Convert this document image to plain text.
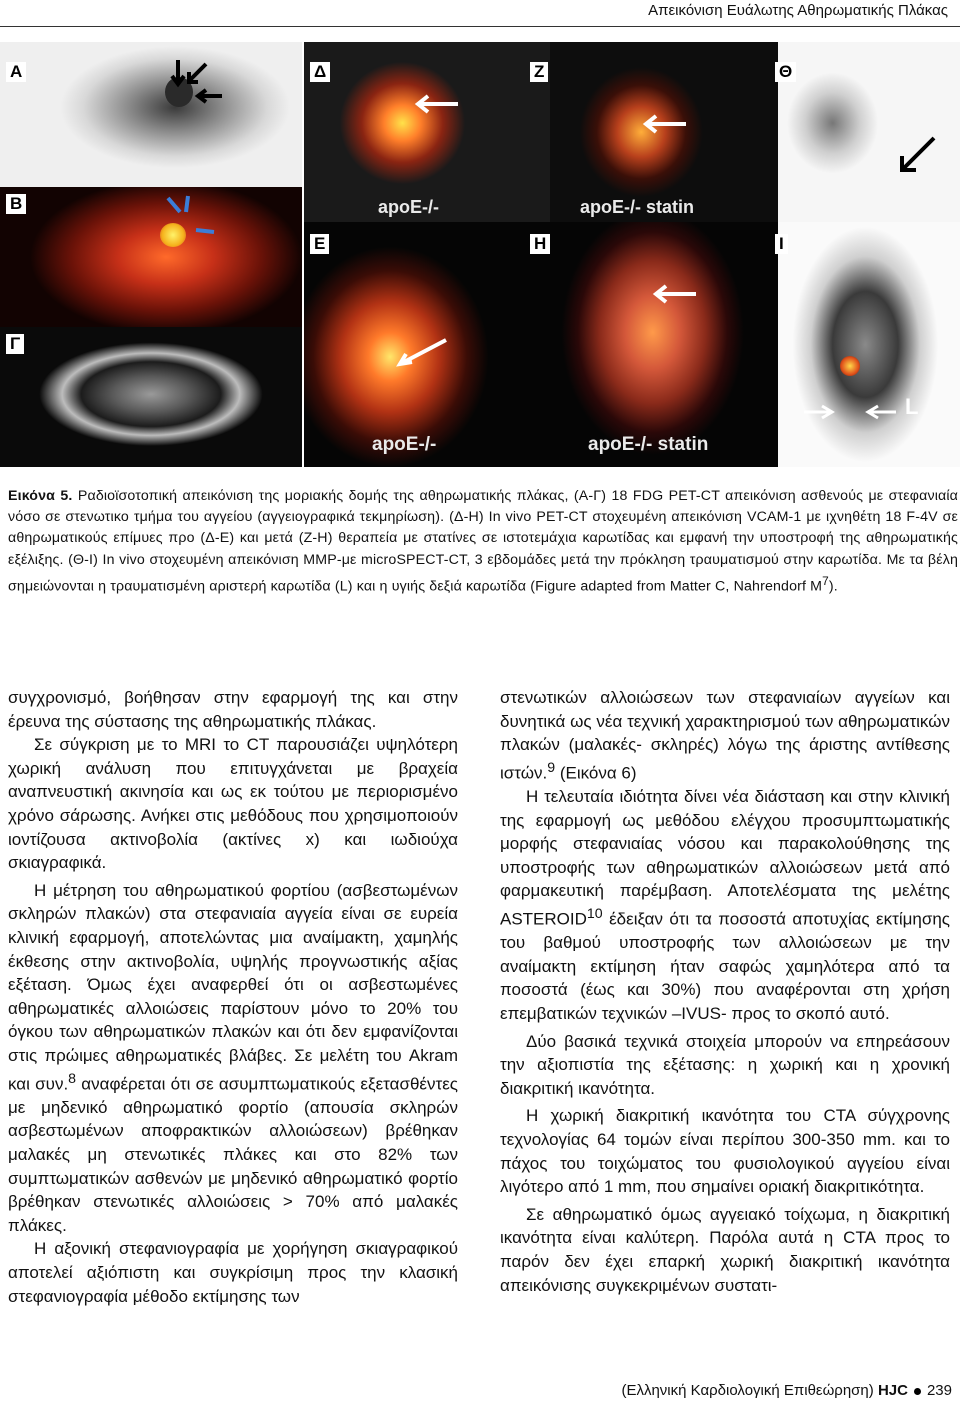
Απεικόνιση Ευάλωτης Αθηρωματικής Πλάκας
Α
Β
Γ
Δ
apoE-/-
Ζ
apoE-/- statin
Ε
apoE-/-
Η
apoE-/- statin
Θ
Ι
L
Εικόνα 5. Ραδιοϊσοτοπική απεικόνιση της μοριακής δομής της αθηρωματικής πλάκας, (Α-Γ) 18 FDG PET-CT απεικόνιση ασθενούς με στεφανιαία νόσο σε στενωτικο τμήμα του αγγείου (αγγειογραφικά τεκμηρίωση). (Δ-Η) In vivo PET-CT στοχευμένη απεικόνιση VCAM-1 με ιχνηθέτη 18 F-4V σε αθηρωματικούς επίμυες προ (Δ-Ε) και μετά (Ζ-Η) θεραπεία με στατίνες σε ιστοτεμάχια καρωτίδας και εμφανή την υποστροφή της αθηρωματικής εξέλιξης. (Θ-Ι) In vivo στοχευμένη απεικόνιση MMP-με microSPECT-CT, 3 εβδομάδες μετά την πρόκληση τραυματισμού στην καρωτίδα. Με τα βέλη σημειώνονται η τραυματισμένη αριστερή καρωτίδα (L) και η υγιής δεξιά καρωτίδα (Figure adapted from Matter C, Nahrendorf $M^7$).

συγχρονισμό, βοήθησαν στην εφαρμογή της και στην έρευνα της σύστασης της αθηρωματικής πλάκας.

Σε σύγκριση με το MRI το CT παρουσιάζει υψηλότερη χωρική ανάλυση που επιτυγχάνεται με βραχεία αναπνευστική ακινησία και ως εκ τούτου με περιορισμένο χρόνο σάρωσης. Ανήκει στις μεθόδους που χρησιμοποιούν ιοντίζουσα ακτινοβολία (ακτίνες x) και ιωδιούχα σκιαγραφικά.

Η μέτρηση του αθηρωματικού φορτίου (ασβεστωμένων σκληρών πλακών) στα στεφανιαία αγγεία είναι σε ευρεία κλινική εφαρμογή, αποτελώντας μια αναίμακτη, χαμηλής έκθεσης στην ακτινοβολία, υψηλής προγνωστικής αξίας εξέταση. Όμως έχει αναφερθεί ότι οι ασβεστωμένες αθηρωματικές αλλοιώσεις παρίστουν μόνο το 20% του όγκου των αθηρωματικών πλακών και ότι δεν εμφανίζονται στις πρώιμες αθηρωματικές βλάβες. Σε μελέτη του Akram και συν.$^8$ αναφέρεται ότι σε ασυμπτωματικούς εξετασθέντες με μηδενικό αθηρωματικό φορτίο (απουσία σκληρών ασβεστωμένων αποφρακτικών αλλοιώσεων) βρέθηκαν μαλακές μη στενωτικές πλάκες και στο 82% των συμπτωματικών ασθενών με μηδενικό αθηρωματικό φορτίο βρέθηκαν στενωτικές αλλοιώσεις > 70% από μαλακές πλάκες.

Η αξονική στεφανιογραφία με χορήγηση σκιαγραφικού αποτελεί αξιόπιστη και συγκρίσιμη προς την κλασική στεφανιογραφία μέθοδο εκτίμησης των

στενωτικών αλλοιώσεων των στεφανιαίων αγγείων και δυνητικά ως νέα τεχνική χαρακτηρισμού των αθηρωματικών πλακών (μαλακές- σκληρές) λόγω της άριστης αντίθεσης ιστών.$^9$ (Εικόνα 6)

Η τελευταία ιδιότητα δίνει νέα διάσταση και στην κλινική της εφαρμογή ως μεθόδου ελέγχου προσυμπτωματικής μορφής στεφανιαίας νόσου και παρακολούθησης της υποστροφής των αθηρωματικών αλλοιώσεων μετά από φαρμακευτική παρέμβαση. Αποτελέσματα της μελέτης ASTEROID$^{10}$ έδειξαν ότι τα ποσοστά αποτυχίας εκτίμησης του βαθμού υποστροφής των αλλοιώσεων με την αναίμακτη εκτίμηση ήταν σαφώς χαμηλότερα από τα ποσοστά (έως και 30%) που αναφέρονται στη χρήση επεμβατικών τεχνικών –IVUS- προς το σκοπό αυτό.

Δύο βασικά τεχνικά στοιχεία μπορούν να επηρεάσουν την αξιοπιστία της εξέτασης: η χωρική και η χρονική διακριτική ικανότητα.

Η χωρική διακριτική ικανότητα του CTA σύγχρονης τεχνολογίας 64 τομών είναι περίπου 300-350 mm. και το πάχος του τοιχώματος του φυσιολογικού αγγείου είναι λιγότερο από 1 mm, που σημαίνει οριακή διακριτικότητα.

Σε αθηρωματικό όμως αγγειακό τοίχωμα, η διακριτική ικανότητα είναι καλύτερη. Παρόλα αυτά η CTA προς το παρόν δεν έχει επαρκή χωρική διακριτική ικανότητα απεικόνισης συγκεκριμένων συστατι-

(Ελληνική Καρδιολογική Επιθεώρηση) HJC 239
